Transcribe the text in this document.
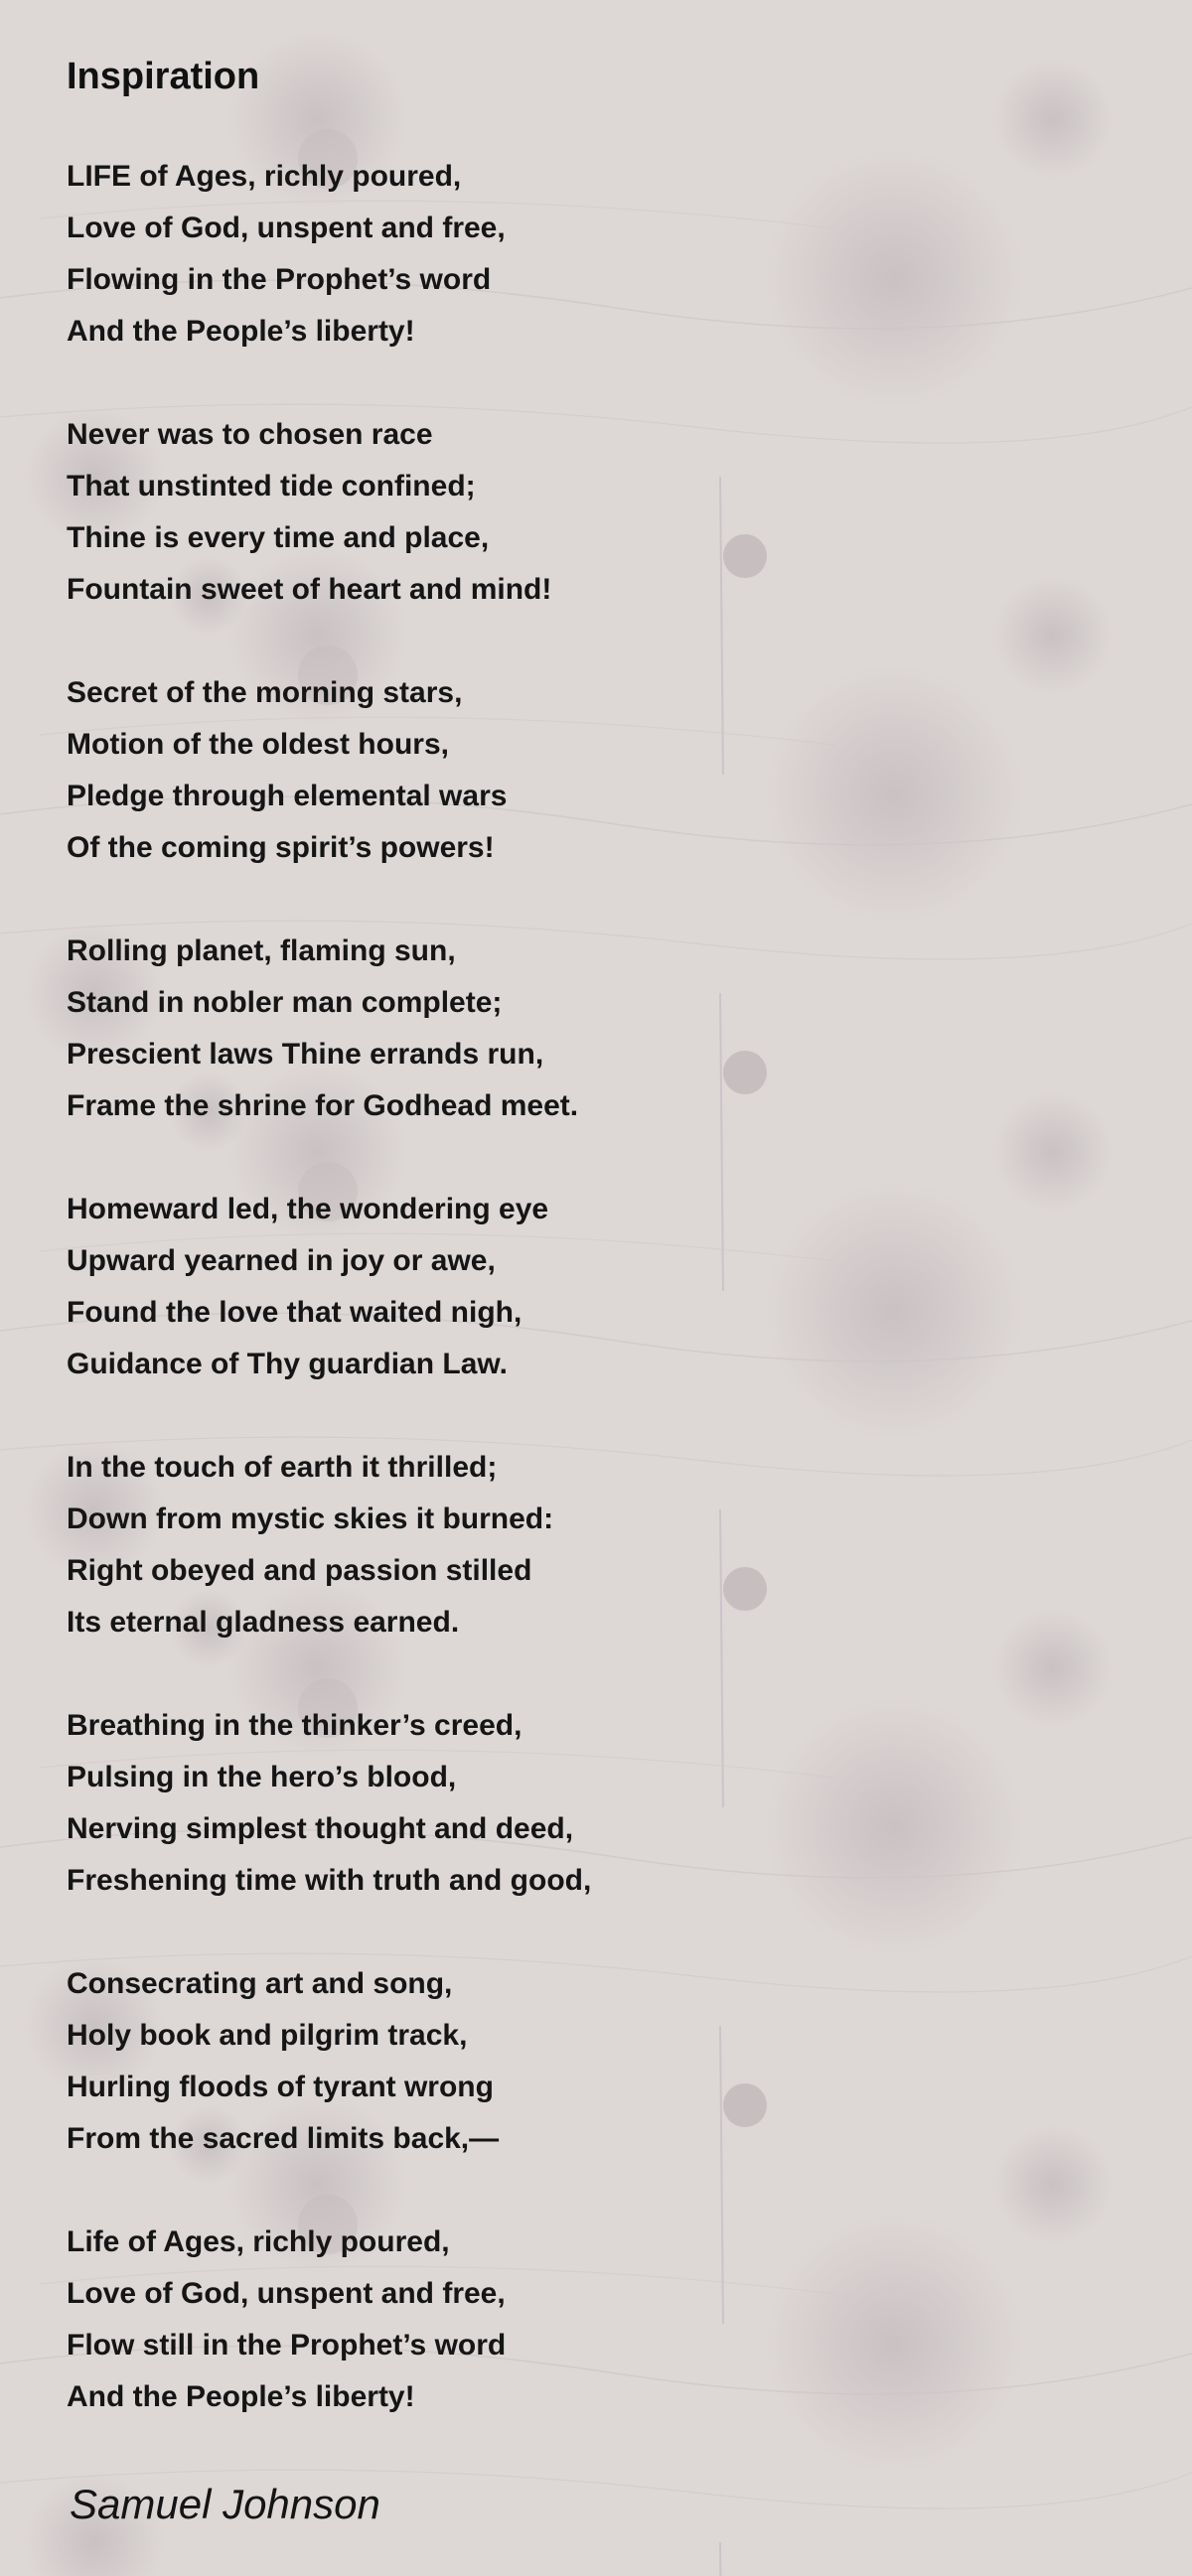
Inspiration
LIFE of Ages, richly poured,
Love of God, unspent and free,
Flowing in the Prophet’s word
And the People’s liberty!
Never was to chosen race
That unstinted tide confined;
Thine is every time and place,
Fountain sweet of heart and mind!
Secret of the morning stars,
Motion of the oldest hours,
Pledge through elemental wars
Of the coming spirit’s powers!
Rolling planet, flaming sun,
Stand in nobler man complete;
Prescient laws Thine errands run,
Frame the shrine for Godhead meet.
Homeward led, the wondering eye
Upward yearned in joy or awe,
Found the love that waited nigh,
Guidance of Thy guardian Law.
In the touch of earth it thrilled;
Down from mystic skies it burned:
Right obeyed and passion stilled
Its eternal gladness earned.
Breathing in the thinker’s creed,
Pulsing in the hero’s blood,
Nerving simplest thought and deed,
Freshening time with truth and good,
Consecrating art and song,
Holy book and pilgrim track,
Hurling floods of tyrant wrong
From the sacred limits back,—
Life of Ages, richly poured,
Love of God, unspent and free,
Flow still in the Prophet’s word
And the People’s liberty!
Samuel Johnson
